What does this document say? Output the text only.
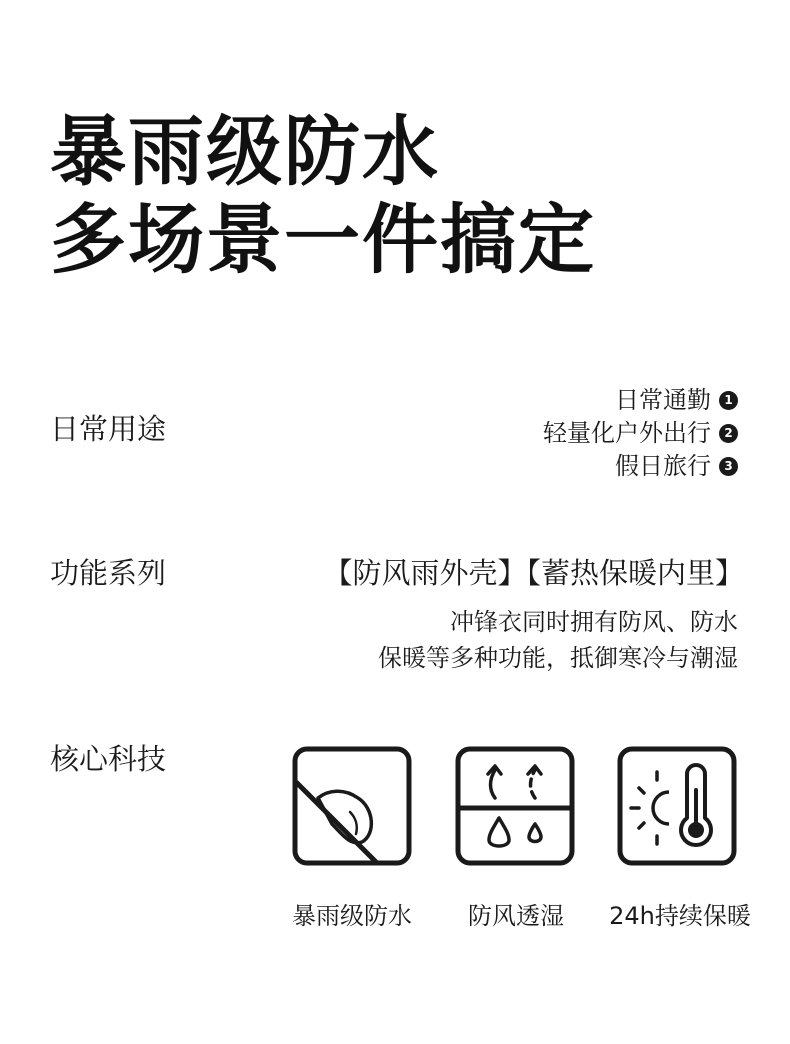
暴雨级防水
多场景一件搞定
日常用途
日常通勤	1
轻量化户外出行	2
假日旅行	3
功能系列	【防风雨外壳】【蓄热保暖内里】
冲锋衣同时拥有防风、防水
保暖等多种功能，抵御寒冷与潮湿
核心科技
暴雨级防水	防风透湿	24h持续保暖
